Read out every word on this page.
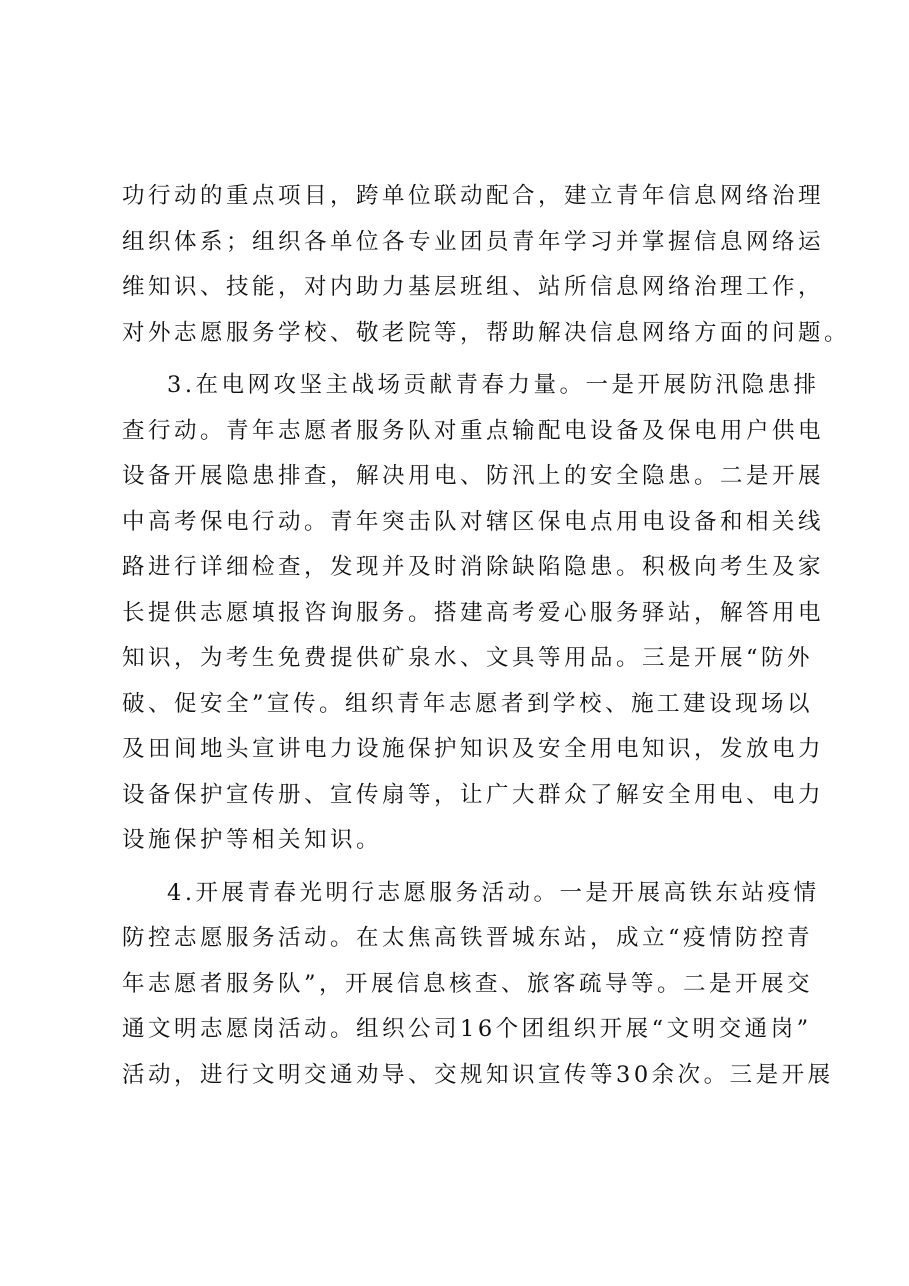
功行动的重点项目，跨单位联动配合，建立青年信息网络治理
组织体系；组织各单位各专业团员青年学习并掌握信息网络运
维知识、技能，对内助力基层班组、站所信息网络治理工作，
对外志愿服务学校、敬老院等，帮助解决信息网络方面的问题。
3.在电网攻坚主战场贡献青春力量。一是开展防汛隐患排
查行动。青年志愿者服务队对重点输配电设备及保电用户供电
设备开展隐患排查，解决用电、防汛上的安全隐患。二是开展
中高考保电行动。青年突击队对辖区保电点用电设备和相关线
路进行详细检查，发现并及时消除缺陷隐患。积极向考生及家
长提供志愿填报咨询服务。搭建高考爱心服务驿站，解答用电
知识，为考生免费提供矿泉水、文具等用品。三是开展“防外
破、促安全”宣传。组织青年志愿者到学校、施工建设现场以
及田间地头宣讲电力设施保护知识及安全用电知识，发放电力
设备保护宣传册、宣传扇等，让广大群众了解安全用电、电力
设施保护等相关知识。
4.开展青春光明行志愿服务活动。一是开展高铁东站疫情
防控志愿服务活动。在太焦高铁晋城东站，成立“疫情防控青
年志愿者服务队”，开展信息核查、旅客疏导等。二是开展交
通文明志愿岗活动。组织公司16个团组织开展“文明交通岗”
活动，进行文明交通劝导、交规知识宣传等30余次。三是开展
